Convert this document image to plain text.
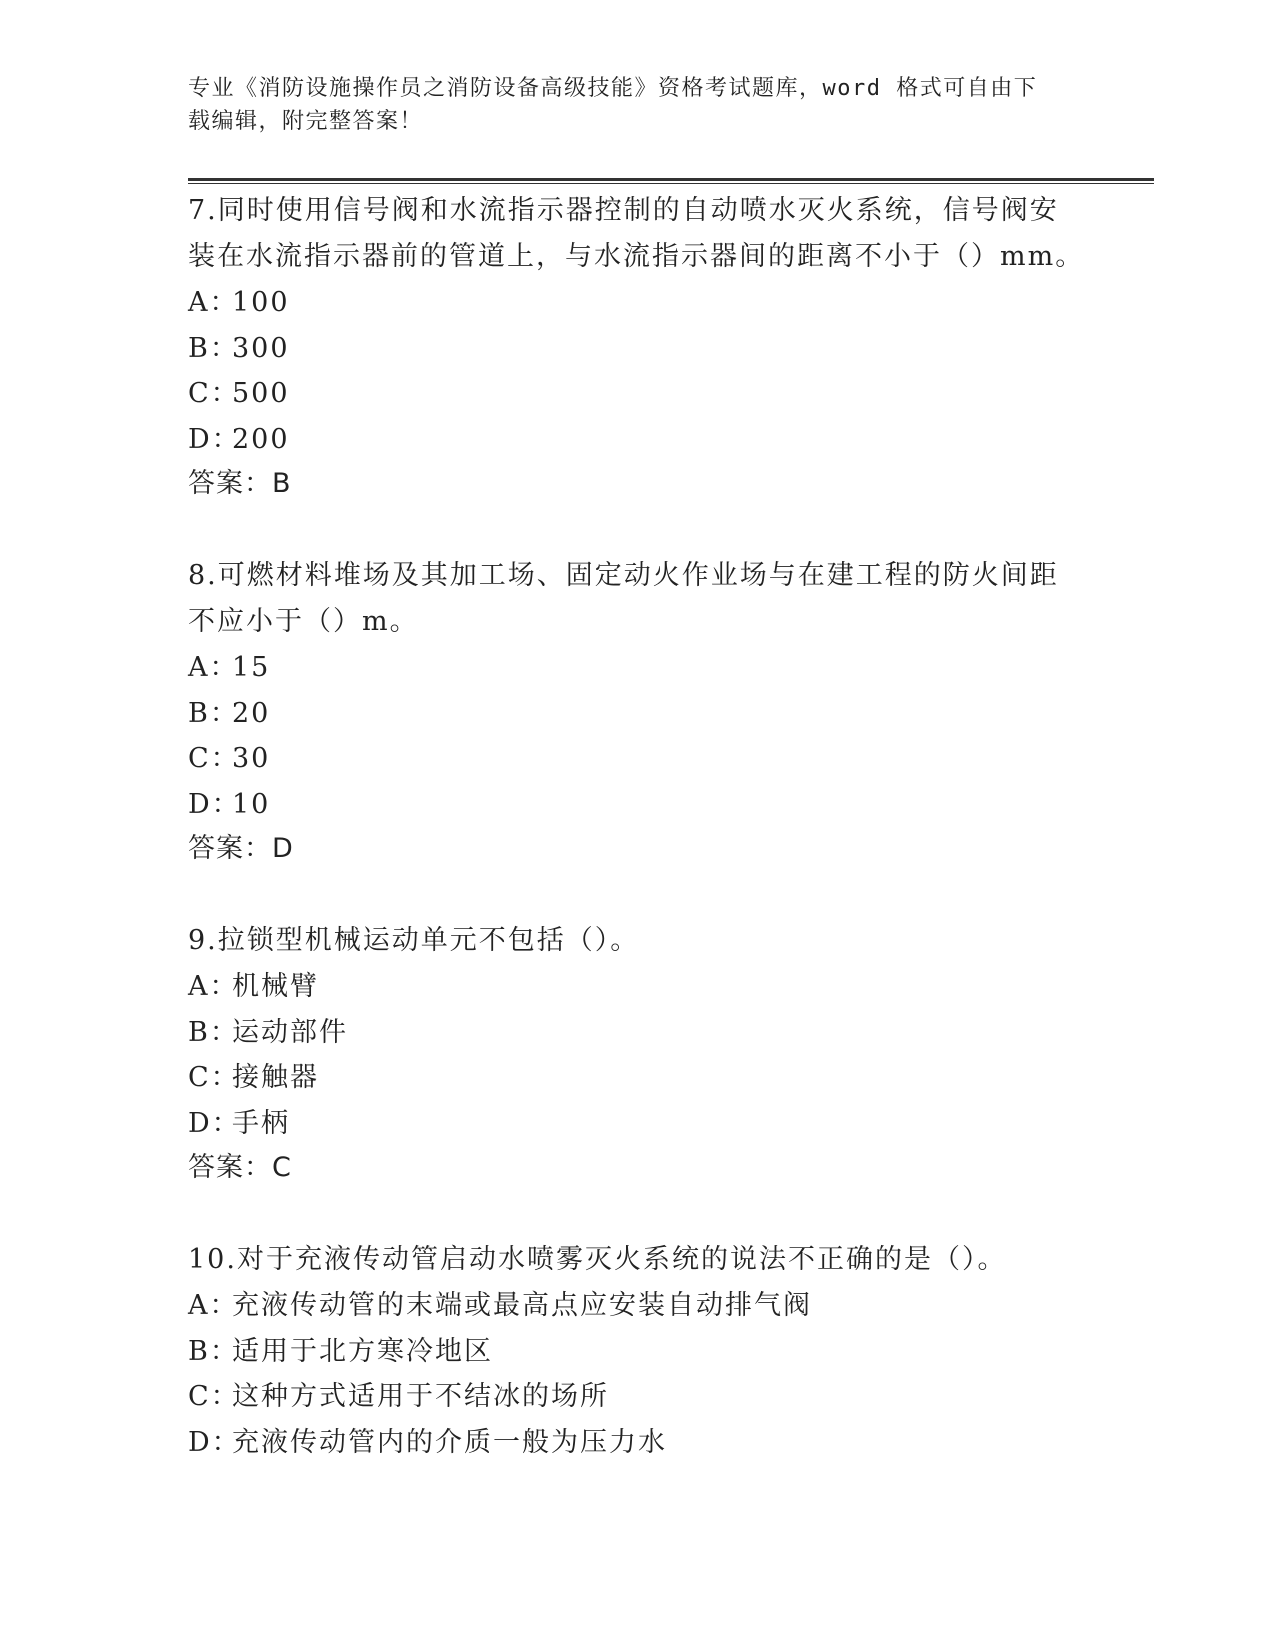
专业《消防设施操作员之消防设备高级技能》资格考试题库，word 格式可自由下
载编辑，附完整答案！

7.同时使用信号阀和水流指示器控制的自动喷水灭火系统，信号阀安

装在水流指示器前的管道上，与水流指示器间的距离不小于（）mm。

A：100

B：300

C：500

D：200

答案：B

8.可燃材料堆场及其加工场、固定动火作业场与在建工程的防火间距

不应小于（）m。

A：15

B：20

C：30

D：10

答案：D

9.拉锁型机械运动单元不包括（）。

A：机械臂

B：运动部件

C：接触器

D：手柄

答案：C

10.对于充液传动管启动水喷雾灭火系统的说法不正确的是（）。

A：充液传动管的末端或最高点应安装自动排气阀

B：适用于北方寒冷地区

C：这种方式适用于不结冰的场所

D：充液传动管内的介质一般为压力水
